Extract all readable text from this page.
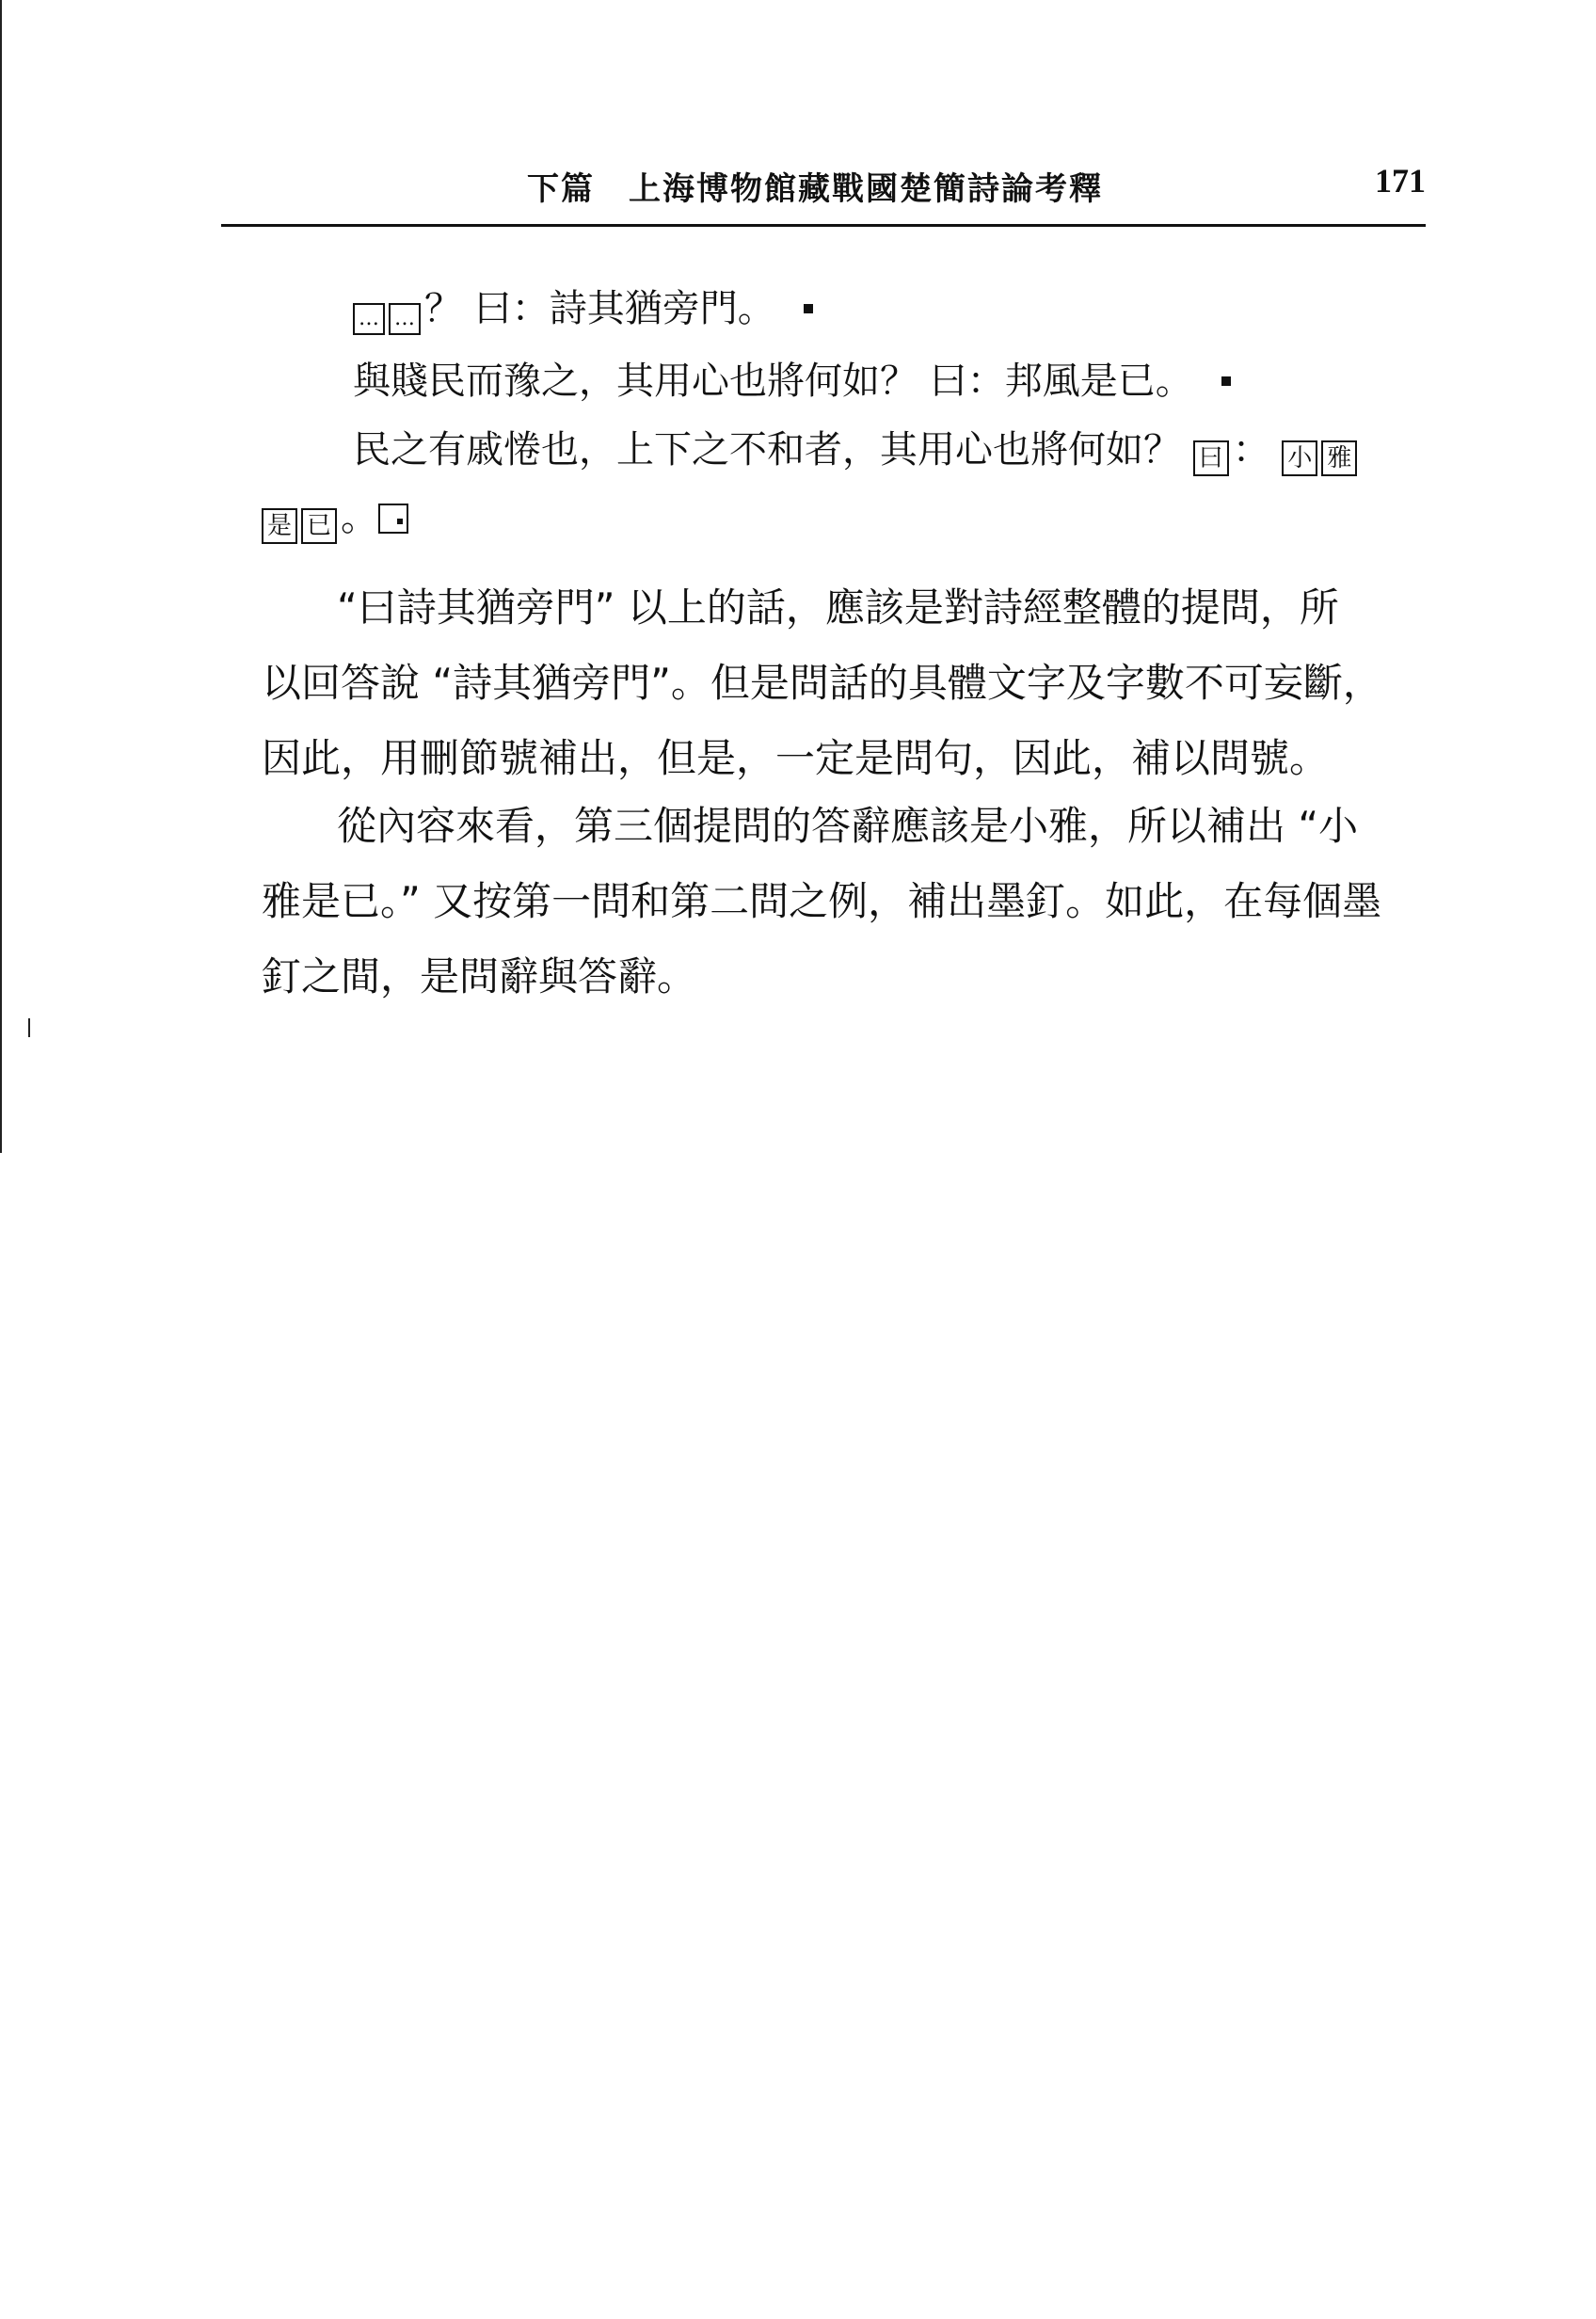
下篇　上海博物館藏戰國楚簡詩論考釋	171
… … ？ 曰：詩其猶旁門。
與賤民而豫之，其用心也將何如？ 曰：邦風是已。
民之有戚惓也，上下之不和者，其用心也將何如？ 曰 ： 小 雅
是 已 。
“曰詩其猶旁門” 以上的話，應該是對詩經整體的提問，所
以回答說 “詩其猶旁門”。但是問話的具體文字及字數不可妄斷，
因此，用刪節號補出，但是，一定是問句，因此，補以問號。
從內容來看，第三個提問的答辭應該是小雅，所以補出 “小
雅是已。” 又按第一問和第二問之例，補出墨釘。如此，在每個墨
釘之間，是問辭與答辭。
